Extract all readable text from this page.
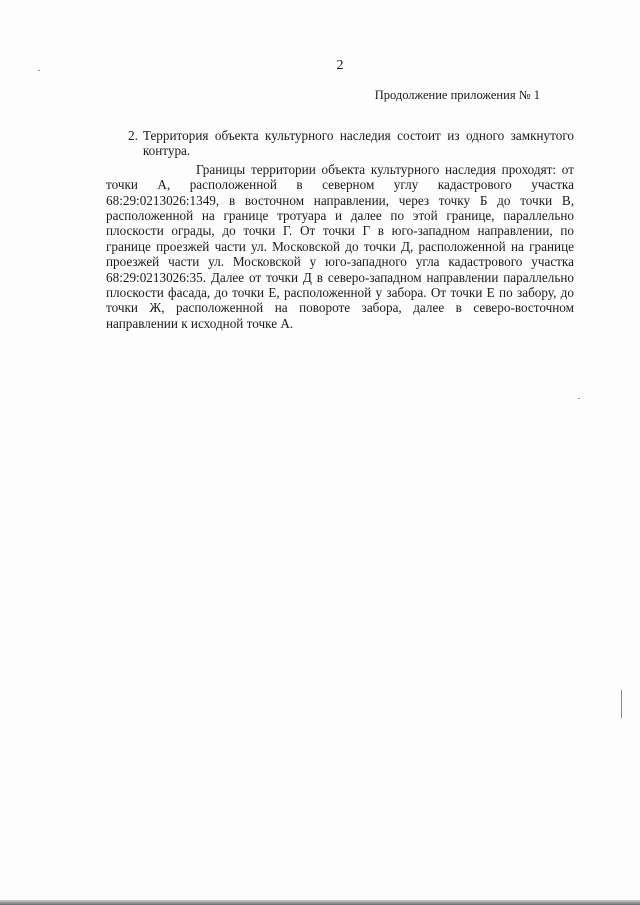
2
Продолжение приложения № 1
2. Территория объекта культурного наследия состоит из одного замкнутого контура.

Границы территории объекта культурного наследия проходят: от точки А, расположенной в северном углу кадастрового участка 68:29:0213026:1349, в восточном направлении, через точку Б до точки В, расположенной на границе тротуара и далее по этой границе, параллельно плоскости ограды, до точки Г. От точки Г в юго-западном направлении, по границе проезжей части ул. Московской до точки Д, расположенной на границе проезжей части ул. Московской у юго-западного угла кадастрового участка 68:29:0213026:35. Далее от точки Д в северо-западном направлении параллельно плоскости фасада, до точки Е, расположенной у забора. От точки Е по забору, до точки Ж, расположенной на повороте забора, далее в северо-восточном направлении к исходной точке А.
